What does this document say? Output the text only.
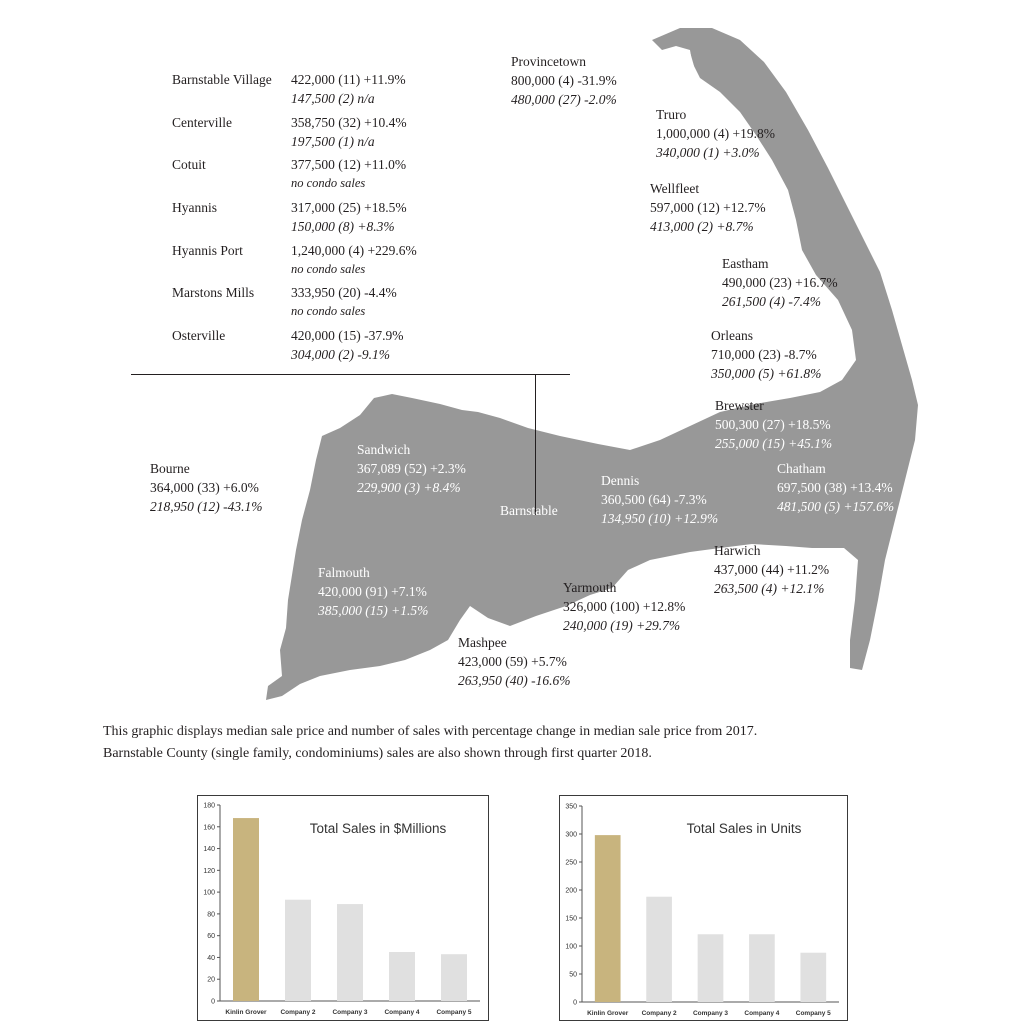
Barnstable Village 422,000 (11) +11.9%
147,500 (2) n/a
Centerville	358,750 (32) +10.4%
197,500 (1) n/a
Cotuit	377,500 (12) +11.0%
no condo sales
Hyannis	317,000 (25) +18.5%
150,000 (8) +8.3%
Hyannis Port	1,240,000 (4) +229.6%
no condo sales
Marstons Mills	333,950 (20) -4.4%
no condo sales
Osterville	420,000 (15) -37.9%
304,000 (2) -9.1%
Barnstable
Provincetown
800,000 (4) -31.9%
480,000 (27) -2.0%
Truro
1,000,000 (4) +19.8%
340,000 (1) +3.0%
Wellfleet
597,000 (12) +12.7%
413,000 (2) +8.7%
Eastham
490,000 (23) +16.7%
261,500 (4) -7.4%
Orleans
710,000 (23) -8.7%
350,000 (5) +61.8%
Brewster
500,300 (27) +18.5%
255,000 (15) +45.1%
Chatham
697,500 (38) +13.4%
481,500 (5) +157.6%
Harwich
437,000 (44) +11.2%
263,500 (4) +12.1%
Dennis
360,500 (64) -7.3%
134,950 (10) +12.9%
Yarmouth
326,000 (100) +12.8%
240,000 (19) +29.7%
Sandwich
367,089 (52) +2.3%
229,900 (3) +8.4%
Bourne
364,000 (33) +6.0%
218,950 (12) -43.1%
Falmouth
420,000 (91) +7.1%
385,000 (15) +1.5%
Mashpee
423,000 (59) +5.7%
263,950 (40) -16.6%
This graphic displays median sale price and number of sales with percentage change in median sale price from 2017.
Barnstable County (single family, condominiums) sales are also shown through first quarter 2018.
0
20
40
60
80
100
120
140
160
180
Kinlin Grover Company 2	Company 3	Company 4	Company 5
Total Sales in $Millions
0
50
100
150
200
250
300
350
Kinlin Grover Company 2	Company 3	Company 4	Company 5
Total Sales in Units
